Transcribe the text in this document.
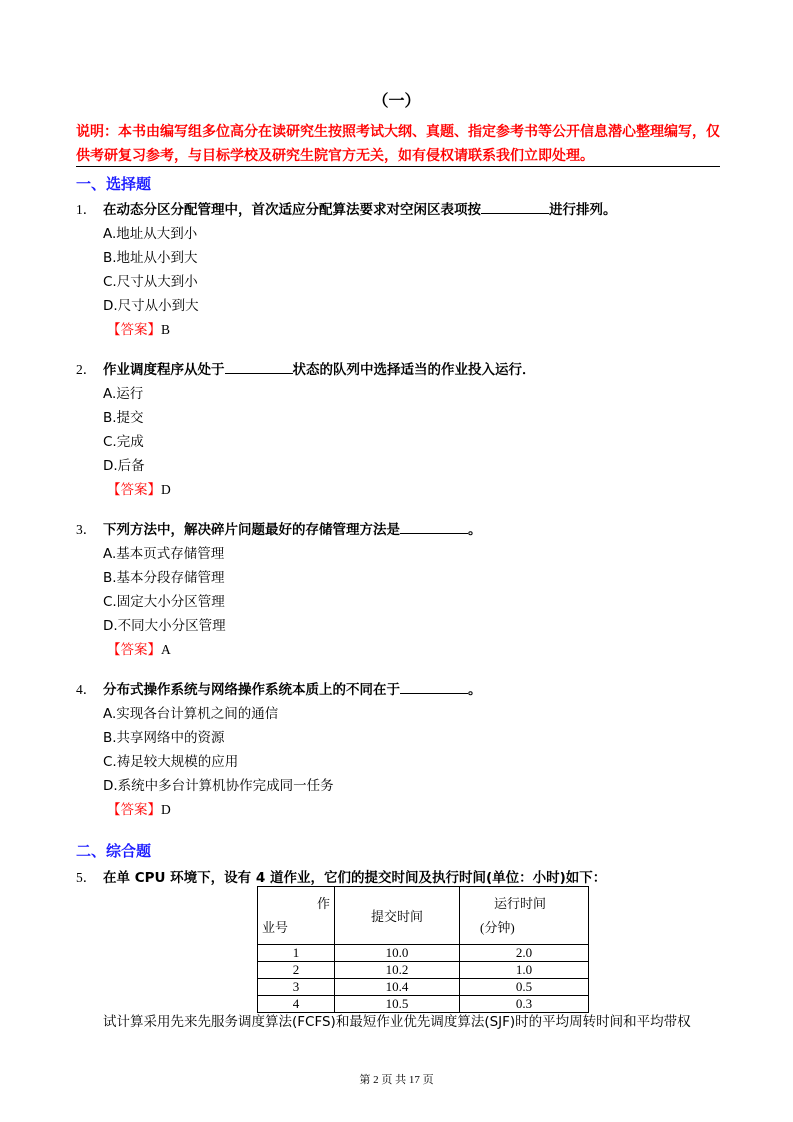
（一）
说明：本书由编写组多位高分在读研究生按照考试大纲、真题、指定参考书等公开信息潜心整理编写，仅
供考研复习参考，与目标学校及研究生院官方无关，如有侵权请联系我们立即处理。
一、选择题
1． 在动态分区分配管理中，首次适应分配算法要求对空闲区表项按	进行排列。
A.地址从大到小
B.地址从小到大
C.尺寸从大到小
D.尺寸从小到大
【答案】B
2． 作业调度程序从处于	状态的队列中选择适当的作业投入运行．
A.运行
B.提交
C.完成
D.后备
【答案】D
3． 下列方法中，解决碎片问题最好的存储管理方法是	。
A.基本页式存储管理
B.基本分段存储管理
C.固定大小分区管理
D.不同大小分区管理
【答案】A
4． 分布式操作系统与网络操作系统本质上的不同在于	。
A.实现各台计算机之间的通信
B.共享网络中的资源
C.祷足较大规模的应用
D.系统中多台计算机协作完成同一任务
【答案】D
二、综合题
5． 在单 CPU 环境下，设有 4 道作业，它们的提交时间及执行时间(单位：小时)如下：
作

业号	提交时间	运行时间
(分钟)
1	10.0	2.0
2	10.2	1.0
3	10.4	0.5
4	10.5	0.3
试计算采用先来先服务调度算法(FCFS)和最短作业优先调度算法(SJF)时的平均周转时间和平均带权
第 2 页 共 17 页
